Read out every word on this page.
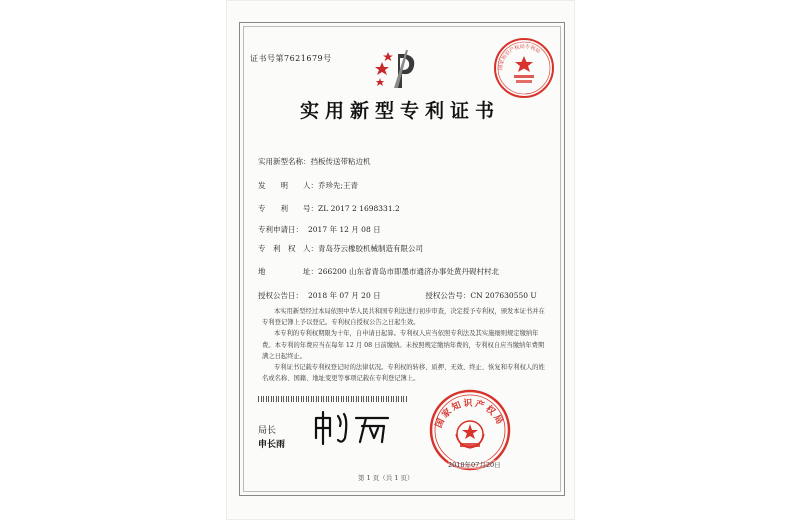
证书号第7621679号
国家知识产权局专利局
实用新型专利证书
实用新型名称：挡板传送带粘边机
发　　明　　人：乔珍先;王青
专　　利　　号：ZL 2017 2 1698331.2
专利申请日： 2017 年 12 月 08 日
专　利　权　人：青岛芬云橡胶机械制造有限公司
地　　　　　址：266200 山东省青岛市即墨市通济办事处黄丹砚村村北
授权公告日： 2018 年 07 月 20 日	授权公告号：CN 207630550 U

本实用新型经过本局依照中华人民共和国专利法进行初步审查，决定授予专利权，颁发本证书并在专利登记簿上予以登记。专利权自授权公告之日起生效。

本专利的专利权期限为十年，自申请日起算。专利权人应当依照专利法及其实施细则规定缴纳年费。本专利的年费应当在每年 12 月 08 日前缴纳。未按照规定缴纳年费的，专利权自应当缴纳年费期满之日起终止。

专利证书记载专利权登记时的法律状况。专利权的转移、质押、无效、终止、恢复和专利权人的姓名或名称、国籍、地址变更等事项记载在专利登记簿上。

局长
申长雨
国家知识产权局
2018年07月20日
第 1 页（共 1 页）
